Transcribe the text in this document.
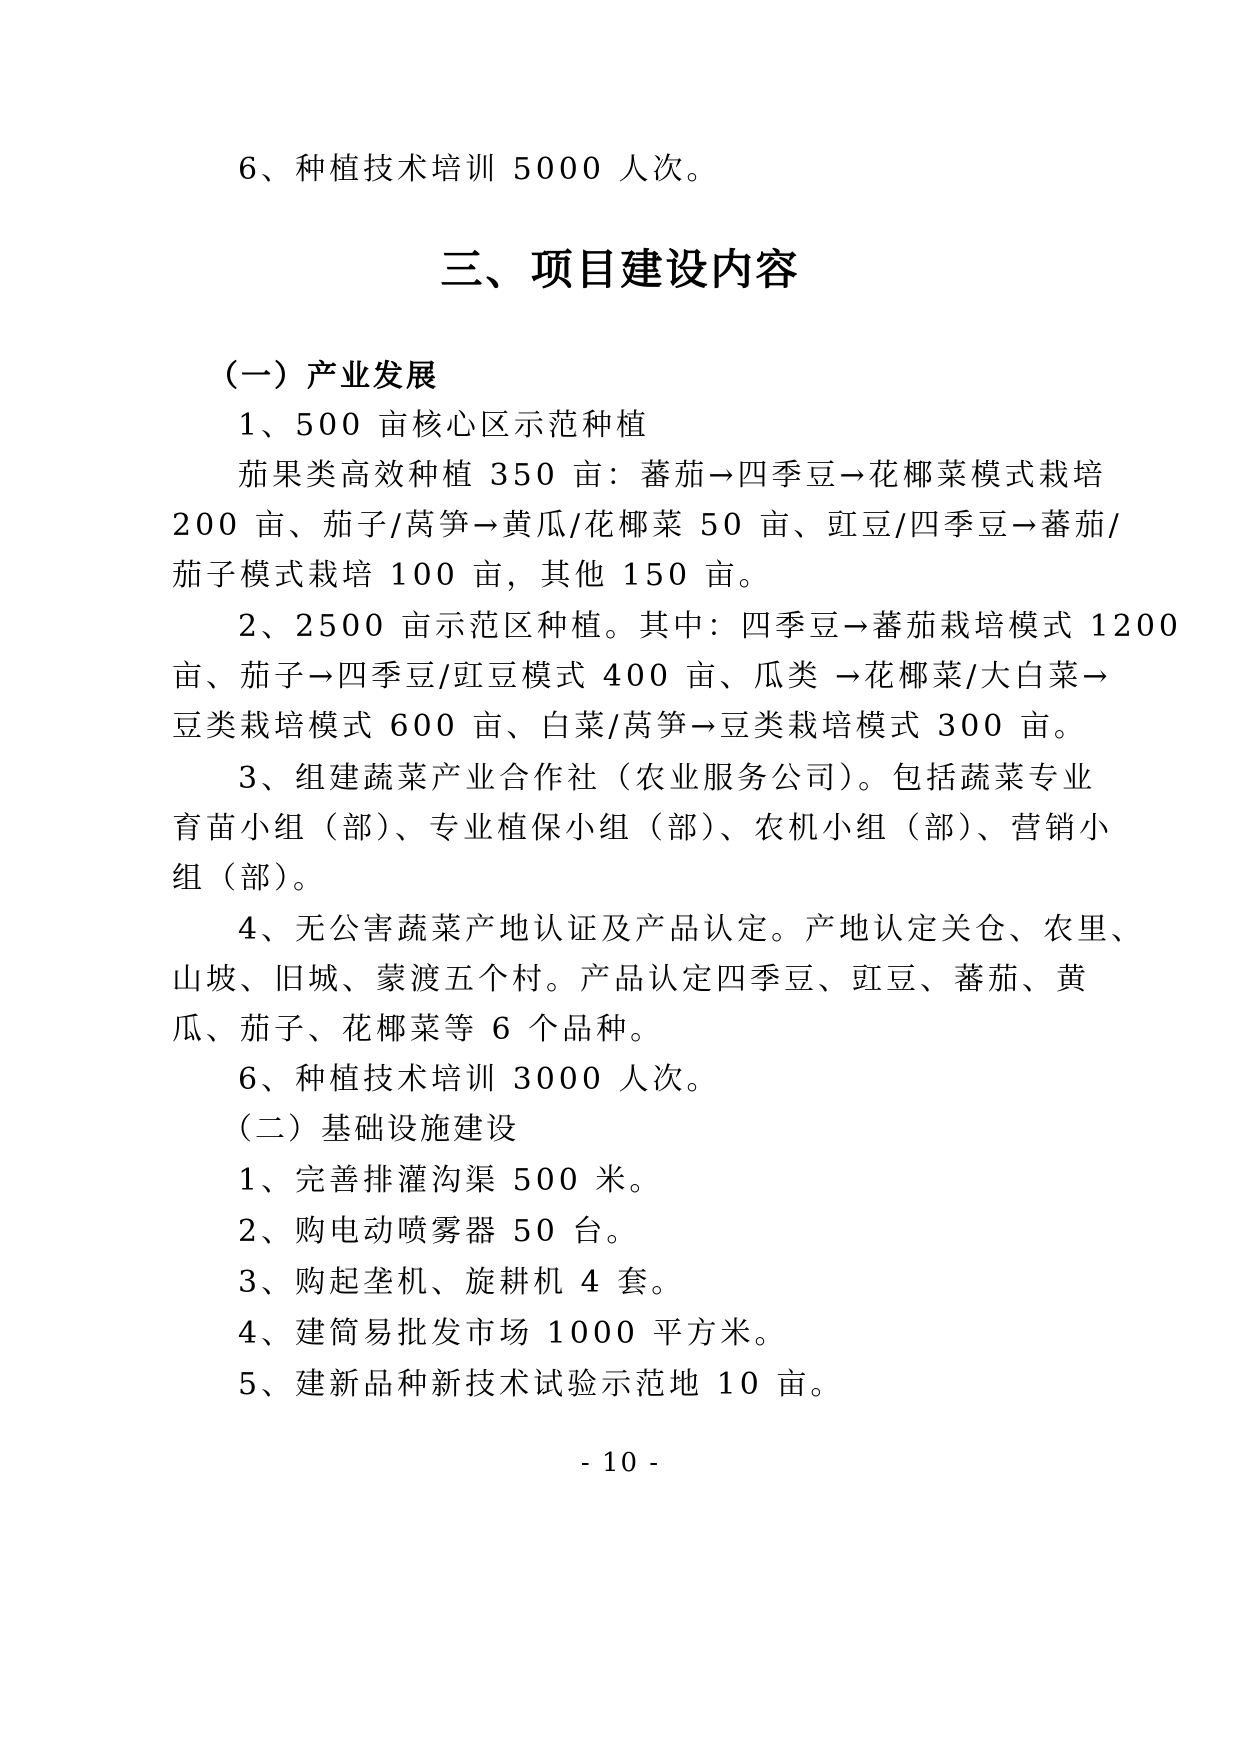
6、种植技术培训 5000 人次。
三、项目建设内容
（一）产业发展
1、500 亩核心区示范种植
茄果类高效种植 350 亩：蕃茄→四季豆→花椰菜模式栽培
200 亩、茄子/莴笋→黄瓜/花椰菜 50 亩、豇豆/四季豆→蕃茄/
茄子模式栽培 100 亩，其他 150 亩。
2、2500 亩示范区种植。其中：四季豆→蕃茄栽培模式 1200
亩、茄子→四季豆/豇豆模式 400 亩、瓜类 →花椰菜/大白菜→
豆类栽培模式 600 亩、白菜/莴笋→豆类栽培模式 300 亩。
3、组建蔬菜产业合作社（农业服务公司）。包括蔬菜专业
育苗小组（部）、专业植保小组（部）、农机小组（部）、营销小
组（部）。
4、无公害蔬菜产地认证及产品认定。产地认定关仓、农里、
山坡、旧城、蒙渡五个村。产品认定四季豆、豇豆、蕃茄、黄
瓜、茄子、花椰菜等 6 个品种。
6、种植技术培训 3000 人次。
（二）基础设施建设
1、完善排灌沟渠 500 米。
2、购电动喷雾器 50 台。
3、购起垄机、旋耕机 4 套。
4、建简易批发市场 1000 平方米。
5、建新品种新技术试验示范地 10 亩。
- 10 -
